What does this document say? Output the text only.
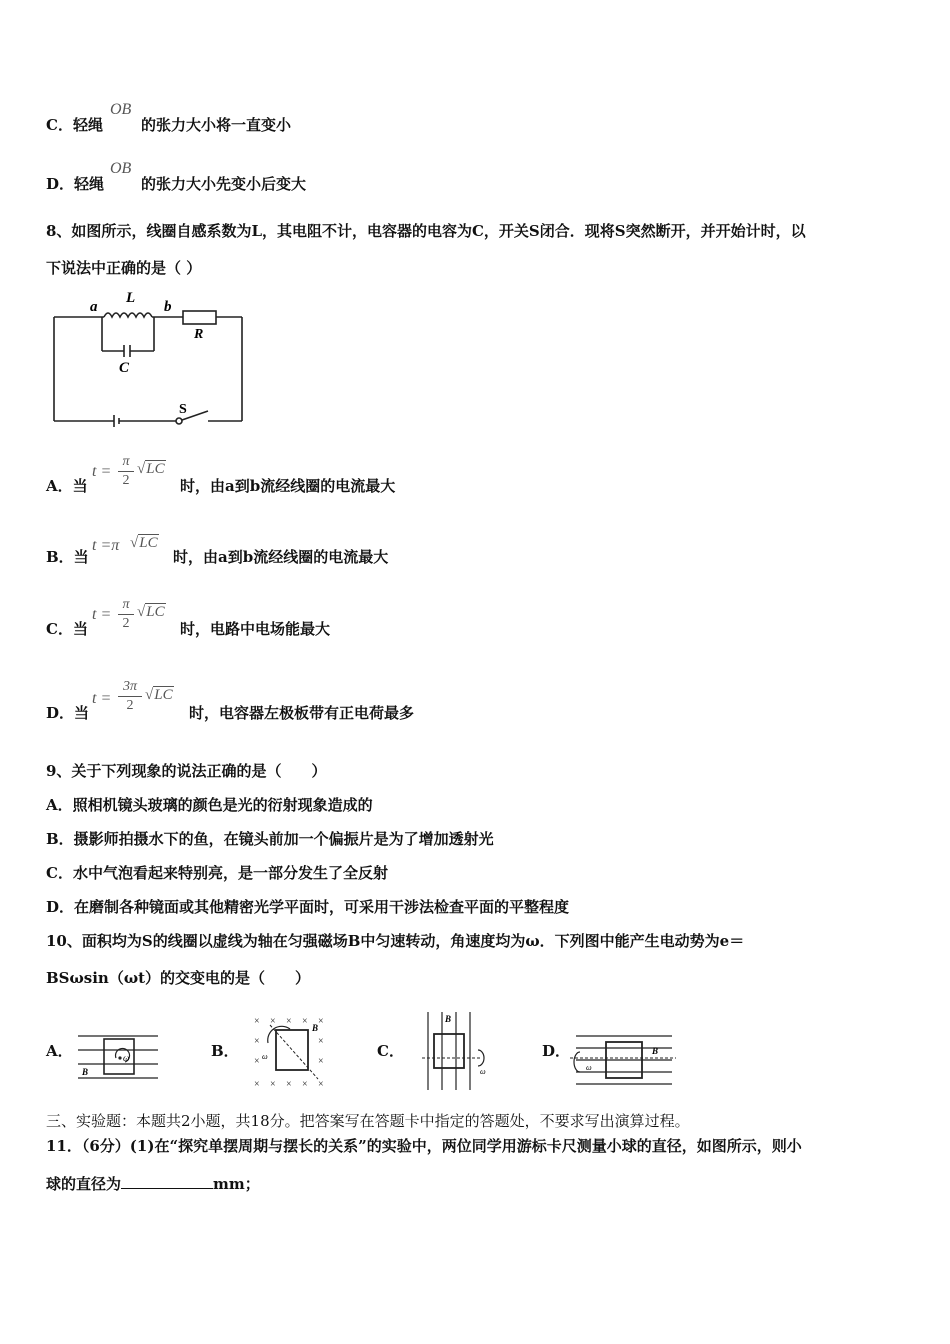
C．轻绳
OB
的张力大小将一直变小
D．轻绳
OB
的张力大小先变小后变大
8、如图所示，线圈自感系数为L，其电阻不计，电容器的电容为C，开关S闭合．现将S突然断开，并开始计时，以
下说法中正确的是（ ）
a
L
b
R
C
S
A．当
t =
π
2
√LC
时，由a到b流经线圈的电流最大
B．当
t =π √LC
时，由a到b流经线圈的电流最大
C．当
t =
π
2
√LC
时，电路中电场能最大
D．当
t =
3π
2
√LC
时，电容器左极板带有正电荷最多
9、关于下列现象的说法正确的是（　　）
A．照相机镜头玻璃的颜色是光的衍射现象造成的
B．摄影师拍摄水下的鱼，在镜头前加一个偏振片是为了增加透射光
C．水中气泡看起来特别亮，是一部分发生了全反射
D．在磨制各种镜面或其他精密光学平面时，可采用干涉法检查平面的平整程度
10、面积均为S的线圈以虚线为轴在匀强磁场B中匀速转动，角速度均为ω．下列图中能产生电动势为e＝
BSωsin（ωt）的交变电的是（　　）
A．	B．	C．	D．
ω
B
× × × × ×
×	×
×	×
× × × × ×
B
ω
B
ω
B
ω
三、实验题：本题共2小题，共18分。把答案写在答题卡中指定的答题处，不要求写出演算过程。
11．（6分）(1)在“探究单摆周期与摆长的关系”的实验中，两位同学用游标卡尺测量小球的直径，如图所示，则小
球的直径为	mm；
